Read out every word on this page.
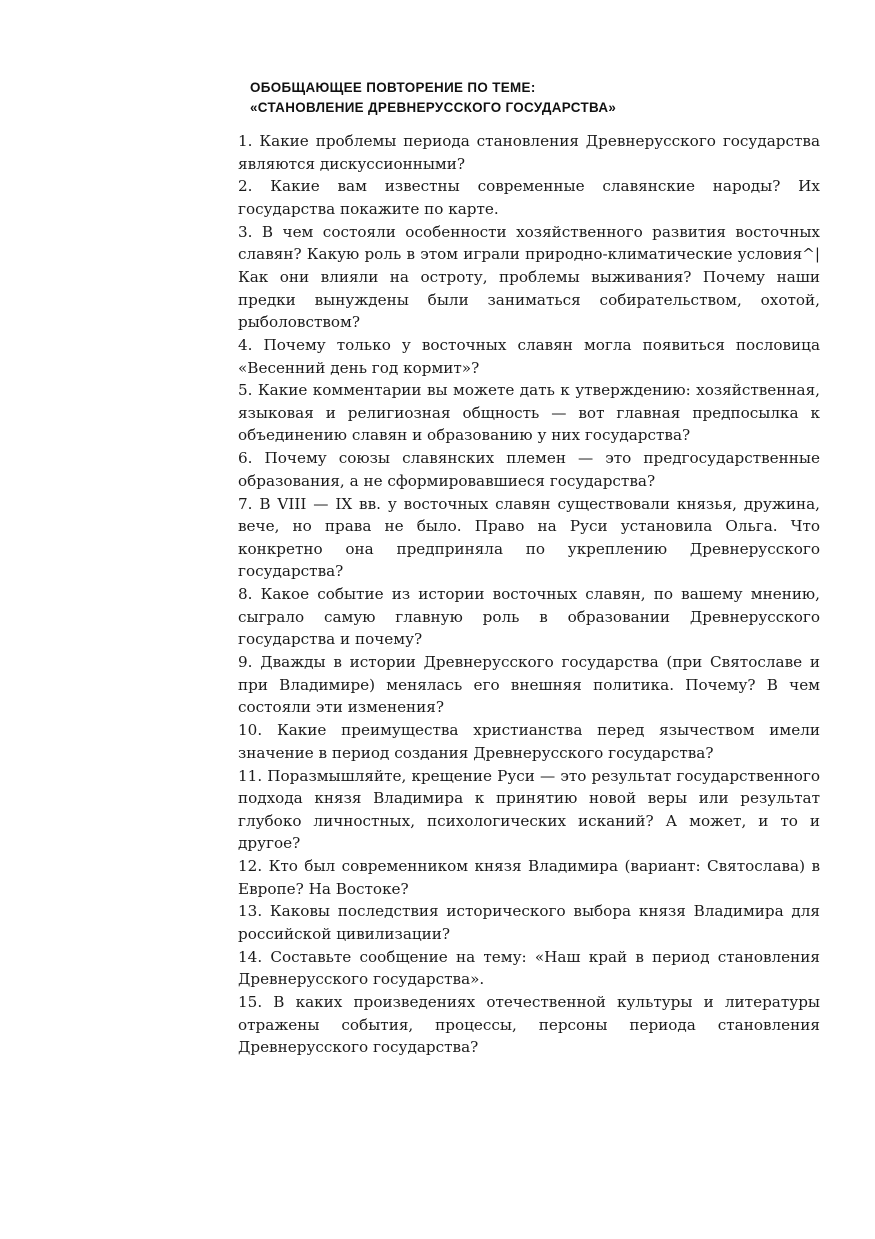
ОБОБЩАЮЩЕЕ ПОВТОРЕНИЕ ПО ТЕМЕ:
«СТАНОВЛЕНИЕ ДРЕВНЕРУССКОГО ГОСУДАРСТВА»

1. Какие проблемы периода становления Древнерусского государства являются дискуссионными?

2. Какие вам известны современные славянские народы? Их государства покажите по карте.

3. В чем состояли особенности хозяйственного развития восточных славян? Какую роль в этом играли природно-климатические условия^|Как они влияли на остроту, проблемы выживания? Почему наши предки вынуждены были заниматься собирательством, охотой, рыболовством?

4. Почему только у восточных славян могла появиться пословица «Весенний день год кормит»?

5. Какие комментарии вы можете дать к утверждению: хозяйственная, языковая и религиозная общность — вот главная предпосылка к объединению славян и образованию у них государства?

6. Почему союзы славянских племен — это предгосударственные образования, а не сформировавшиеся государства?

7. В VIII — IX вв. у восточных славян существовали князья, дружина, вече, но права не было. Право на Руси установила Ольга. Что конкретно она предприняла по укреплению Древнерусского государства?

8. Какое событие из истории восточных славян, по вашему мнению, сыграло самую главную роль в образовании Древнерусского государства и почему?

9. Дважды в истории Древнерусского государства (при Святославе и при Владимире) менялась его внешняя политика. Почему? В чем состояли эти изменения?

10. Какие преимущества христианства перед язычеством имели значение в период создания Древнерусского государства?

11. Поразмышляйте, крещение Руси — это результат государственного подхода князя Владимира к принятию новой веры или результат глубоко личностных, психологических исканий? А может, и то и другое?

12. Кто был современником князя Владимира (вариант: Святослава) в Европе? На Востоке?

13. Каковы последствия исторического выбора князя Владимира для российской цивилизации?

14. Составьте сообщение на тему: «Наш край в период становления Древнерусского государства».

15. В каких произведениях отечественной культуры и литературы отражены события, процессы, персоны периода становления Древнерусского государства?
